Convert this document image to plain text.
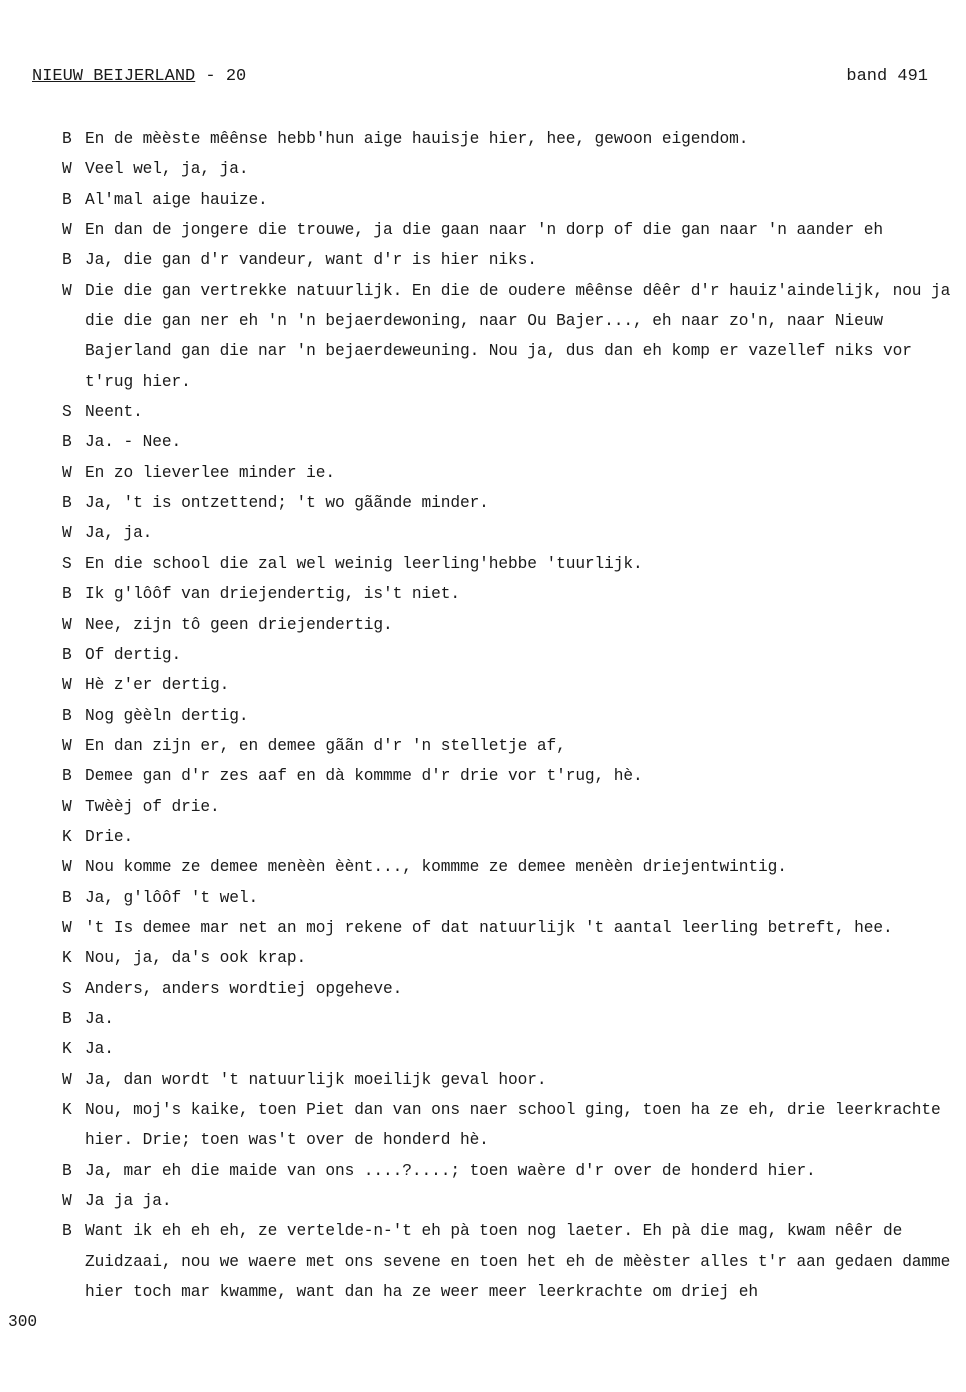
NIEUW BEIJERLAND - 20	band 491
B En de mèèste mêênse hebb'hun aige hauisje hier, hee, gewoon eigendom.
W Veel wel, ja, ja.
B Al'mal aige hauize.
W En dan de jongere die trouwe, ja die gaan naar 'n dorp of die gan naar 'n aander eh
B Ja, die gan d'r vandeur, want d'r is hier niks.
W Die die gan vertrekke natuurlijk. En die de oudere mêênse dêêr d'r hauiz'aindelijk, nou ja die die gan ner eh 'n 'n bejaerdewoning, naar Ou Bajer..., eh naar zo'n, naar Nieuw Bajerland gan die nar 'n bejaerdeweuning. Nou ja, dus dan eh komp er vazellef niks vor t'rug hier.
S Neent.
B Ja. - Nee.
W En zo lieverlee minder ie.
B Ja, 't is ontzettend; 't wo gããnde minder.
W Ja, ja.
S En die school die zal wel weinig leerling'hebbe 'tuurlijk.
B Ik g'lôôf van driejendertig, is't niet.
W Nee, zijn tô geen driejendertig.
B Of dertig.
W Hè z'er dertig.
B Nog gèèln dertig.
W En dan zijn er, en demee gããn d'r 'n stelletje af,
B Demee gan d'r zes aaf en dà kommme d'r drie vor t'rug, hè.
W Twèèj of drie.
K Drie.
W Nou komme ze demee menèèn èènt..., kommme ze demee menèèn driejentwintig.
B Ja, g'lôôf 't wel.
W 't Is demee mar net an moj rekene of dat natuurlijk 't aantal leerling betreft, hee.
K Nou, ja, da's ook krap.
S Anders, anders wordtiej opgeheve.
B Ja.
K Ja.
W Ja, dan wordt 't natuurlijk moeilijk geval hoor.
K Nou, moj's kaike, toen Piet dan van ons naer school ging, toen ha ze eh, drie leerkrachte hier. Drie; toen was't over de honderd hè.
B Ja, mar eh die maide van ons ....?....; toen waère d'r over de honderd hier.
W Ja ja ja.
B Want ik eh eh eh, ze vertelde-n-'t eh pà toen nog laeter. Eh pà die mag, kwam nêêr de Zuidzaai, nou we waere met ons sevene en toen het eh de mèèster alles t'r aan gedaen damme hier toch mar kwamme, want dan ha ze weer meer leerkrachte om driej eh
300
